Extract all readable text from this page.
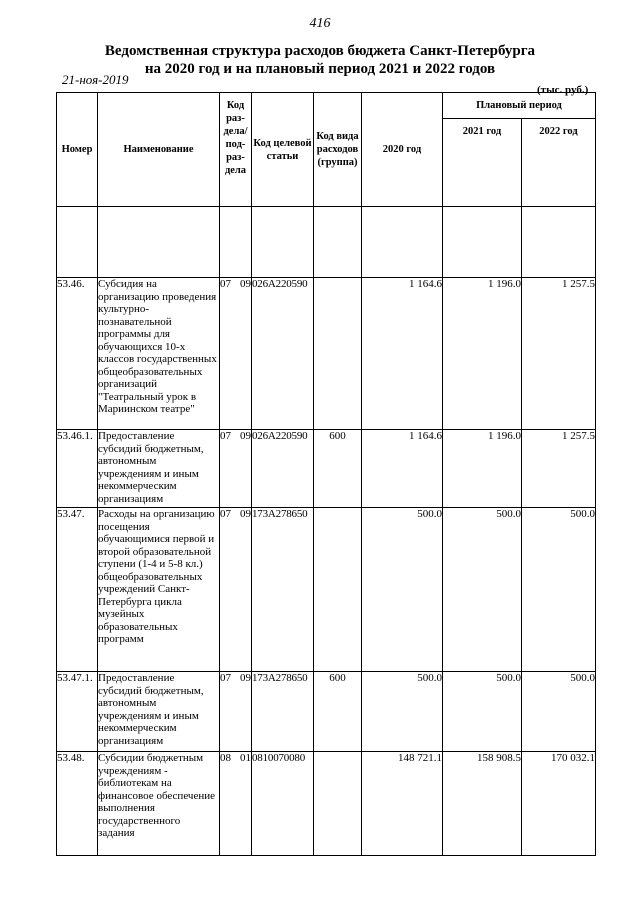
416
Ведомственная структура расходов бюджета Санкт-Петербурга
на 2020 год и на плановый период 2021 и 2022 годов
21-ноя-2019
(тыс. руб.)
Номер	Наименование	Код раз-дела/ под-раз-дела	Код целевой статьи	Код вида расходов (группа)	2020 год	Плановый период	
						2021 год	2022 год

53.46.	Субсидия на организацию проведения культурно-познавательной программы для обучающихся 10-х классов государственных общеобразовательных организаций "Театральный урок в Мариинском театре"	07 09	026A220590		1 164.6	1 196.0	1 257.5
53.46.1.	Предоставление субсидий бюджетным, автономным учреждениям и иным некоммерческим организациям	07 09	026A220590	600	1 164.6	1 196.0	1 257.5
53.47.	Расходы на организацию посещения обучающимися первой и второй образовательной ступени (1-4 и 5-8 кл.) общеобразовательных учреждений Санкт-Петербурга цикла музейных образовательных программ	07 09	173A278650		500.0	500.0	500.0
53.47.1.	Предоставление субсидий бюджетным, автономным учреждениям и иным некоммерческим организациям	07 09	173A278650	600	500.0	500.0	500.0
53.48.	Субсидии бюджетным учреждениям - библиотекам на финансовое обеспечение выполнения государственного задания	08 01	0810070080		148 721.1	158 908.5	170 032.1
